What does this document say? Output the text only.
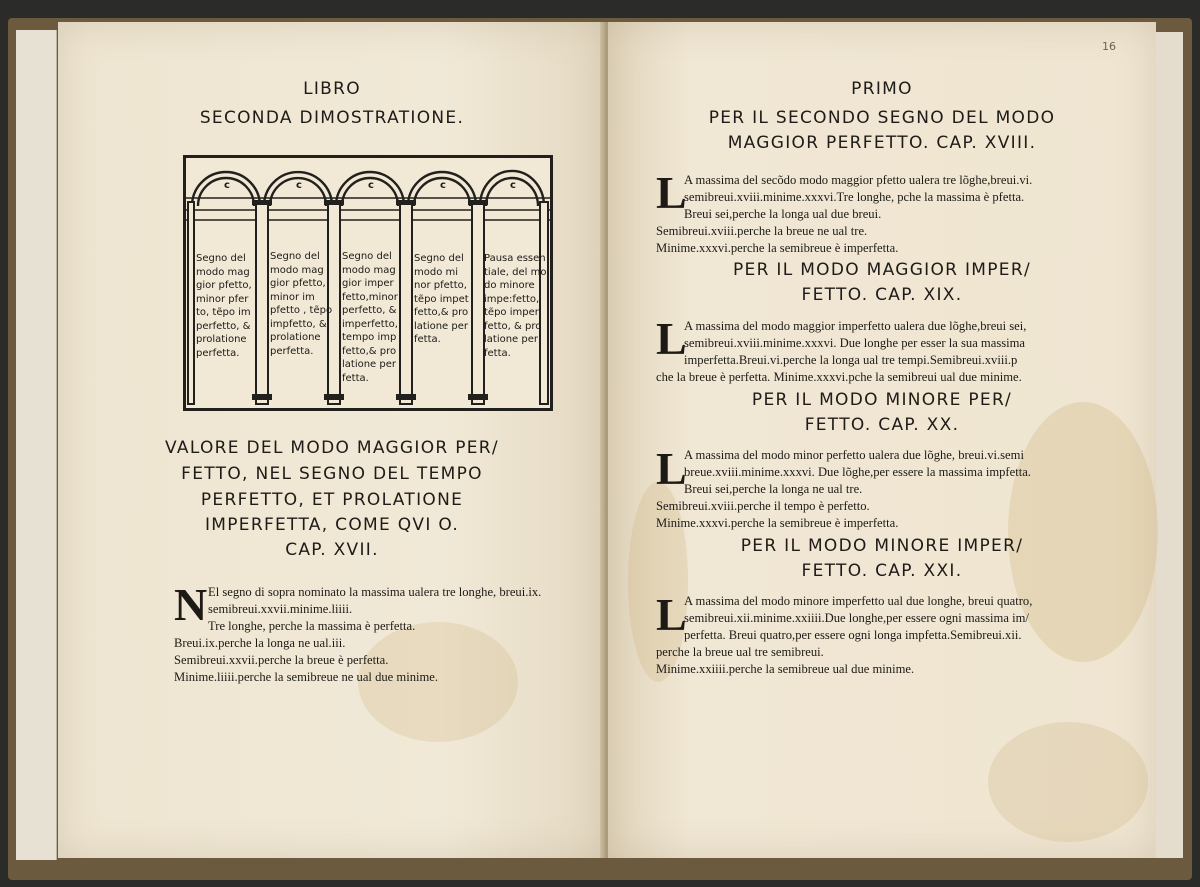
LIBRO
SECONDA DIMOSTRATIONE.
c	c	c	c	c
Segno del
modo mag
gior pfetto,
minor pfer
to, tẽpo im
perfetto, &
prolatione
perfetta.
Segno del
modo mag
gior pfetto,
minor im
pfetto , tẽpo
impfetto, &
prolatione
perfetta.
Segno del
modo mag
gior imper
fetto,minor
perfetto, &
imperfetto,
tempo imp
fetto,& pro
latione per
fetta.
Segno del
modo mi
nor pfetto,
tẽpo impet
fetto,& pro
latione per
fetta.
Pausa essen
tiale, del mo
do minore
impe:fetto,
tẽpo imper
fetto, & pro
latione per
fetta.
VALORE DEL MODO MAGGIOR PER/
FETTO, NEL SEGNO DEL TEMPO
PERFETTO, ET PROLATIONE
IMPERFETTA, COME QVI O.
CAP. XVII.
N El segno di sopra nominato la massima ualera tre longhe, breui.ix.
semibreui.xxvii.minime.liiii.
Tre longhe, perche la massima è perfetta.
Breui.ix.perche la longa ne ual.iii.
Semibreui.xxvii.perche la breue è perfetta.
Minime.liiii.perche la semibreue ne ual due minime.
16
PRIMO
PER IL SECONDO SEGNO DEL MODO
MAGGIOR PERFETTO. CAP. XVIII.
L
A massima del secõdo modo maggior pfetto ualera tre lõghe,breui.vi.
semibreui.xviii.minime.xxxvi.Tre longhe, pche la massima è pfetta.
Breui sei,perche la longa ual due breui.
Semibreui.xviii.perche la breue ne ual tre.
Minime.xxxvi.perche la semibreue è imperfetta.
PER IL MODO MAGGIOR IMPER/
FETTO. CAP. XIX.
L
A massima del modo maggior imperfetto ualera due lõghe,breui sei,
semibreui.xviii.minime.xxxvi. Due longhe per esser la sua massima
imperfetta.Breui.vi.perche la longa ual tre tempi.Semibreui.xviii.p
che la breue è perfetta. Minime.xxxvi.pche la semibreui ual due minime.
PER IL MODO MINORE PER/
FETTO. CAP. XX.
L
A massima del modo minor perfetto ualera due lõghe, breui.vi.semi
breue.xviii.minime.xxxvi. Due lõghe,per essere la massima impfetta.
Breui sei,perche la longa ne ual tre.
Semibreui.xviii.perche il tempo è perfetto.
Minime.xxxvi.perche la semibreue è imperfetta.
PER IL MODO MINORE IMPER/
FETTO. CAP. XXI.
L
A massima del modo minore imperfetto ual due longhe, breui quatro,
semibreui.xii.minime.xxiiii.Due longhe,per essere ogni massima im/
perfetta. Breui quatro,per essere ogni longa impfetta.Semibreui.xii.
perche la breue ual tre semibreui.
Minime.xxiiii.perche la semibreue ual due minime.
